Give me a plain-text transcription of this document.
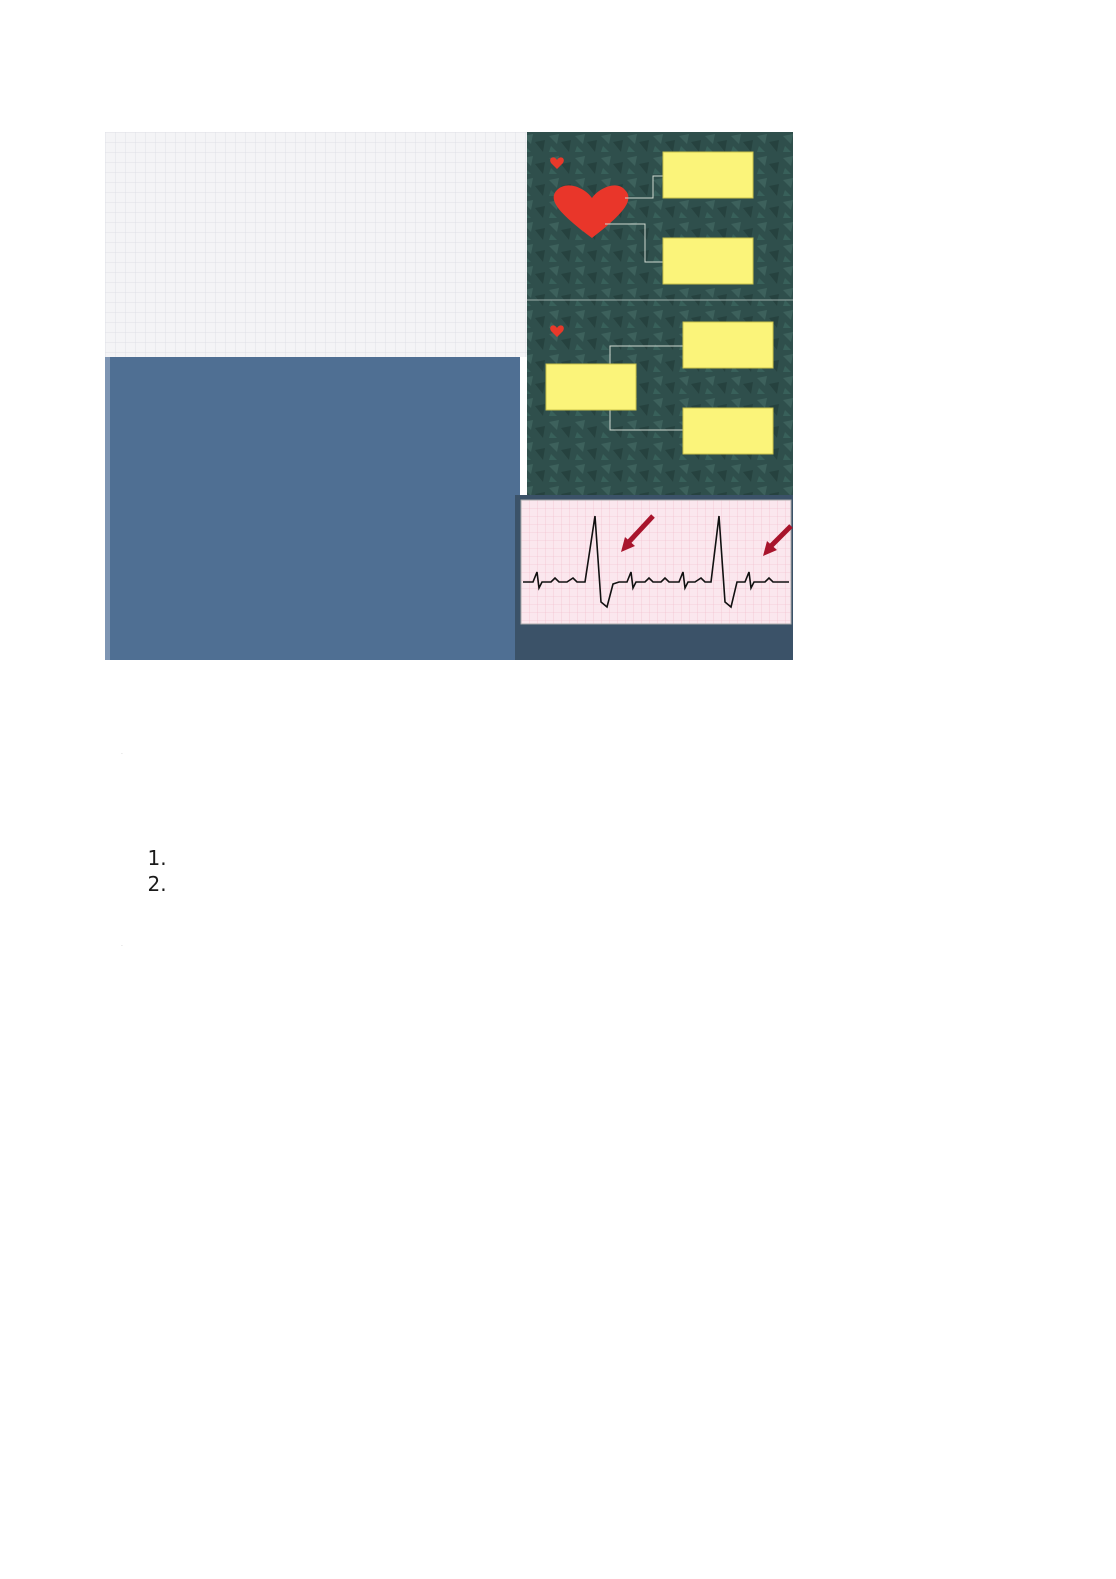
·

1.
2.

·
